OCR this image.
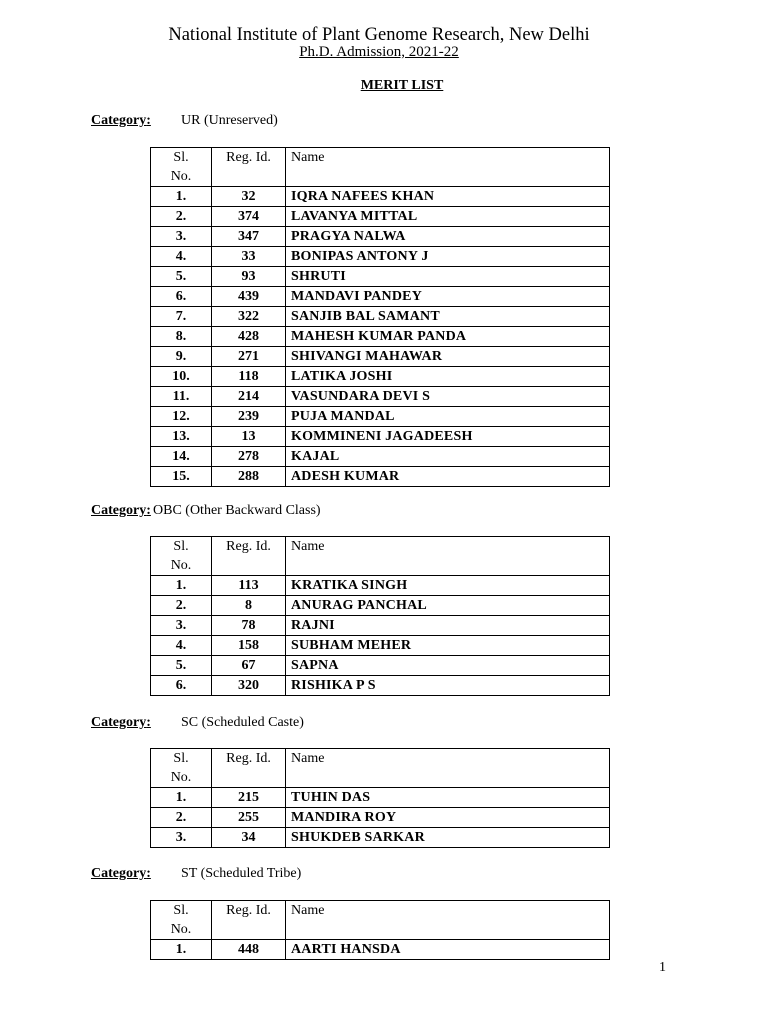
National Institute of Plant Genome Research, New Delhi
Ph.D. Admission, 2021-22
MERIT LIST
Category: UR (Unreserved)
Sl.
No.	Reg. Id.	Name
1.	32	IQRA NAFEES KHAN
2.	374	LAVANYA MITTAL
3.	347	PRAGYA NALWA
4.	33	BONIPAS ANTONY J
5.	93	SHRUTI
6.	439	MANDAVI PANDEY
7.	322	SANJIB BAL SAMANT
8.	428	MAHESH KUMAR PANDA
9.	271	SHIVANGI MAHAWAR
10.	118	LATIKA JOSHI
11.	214	VASUNDARA DEVI S
12.	239	PUJA MANDAL
13.	13	KOMMINENI JAGADEESH
14.	278	KAJAL
15.	288	ADESH KUMAR
Category: OBC (Other Backward Class)
Sl.
No.	Reg. Id.	Name
1.	113	KRATIKA SINGH
2.	8	ANURAG PANCHAL
3.	78	RAJNI
4.	158	SUBHAM MEHER
5.	67	SAPNA
6.	320	RISHIKA P S
Category: SC (Scheduled Caste)
Sl.
No.	Reg. Id.	Name
1.	215	TUHIN DAS
2.	255	MANDIRA ROY
3.	34	SHUKDEB SARKAR
Category: ST (Scheduled Tribe)
Sl.
No.	Reg. Id.	Name
1.	448	AARTI HANSDA
1
